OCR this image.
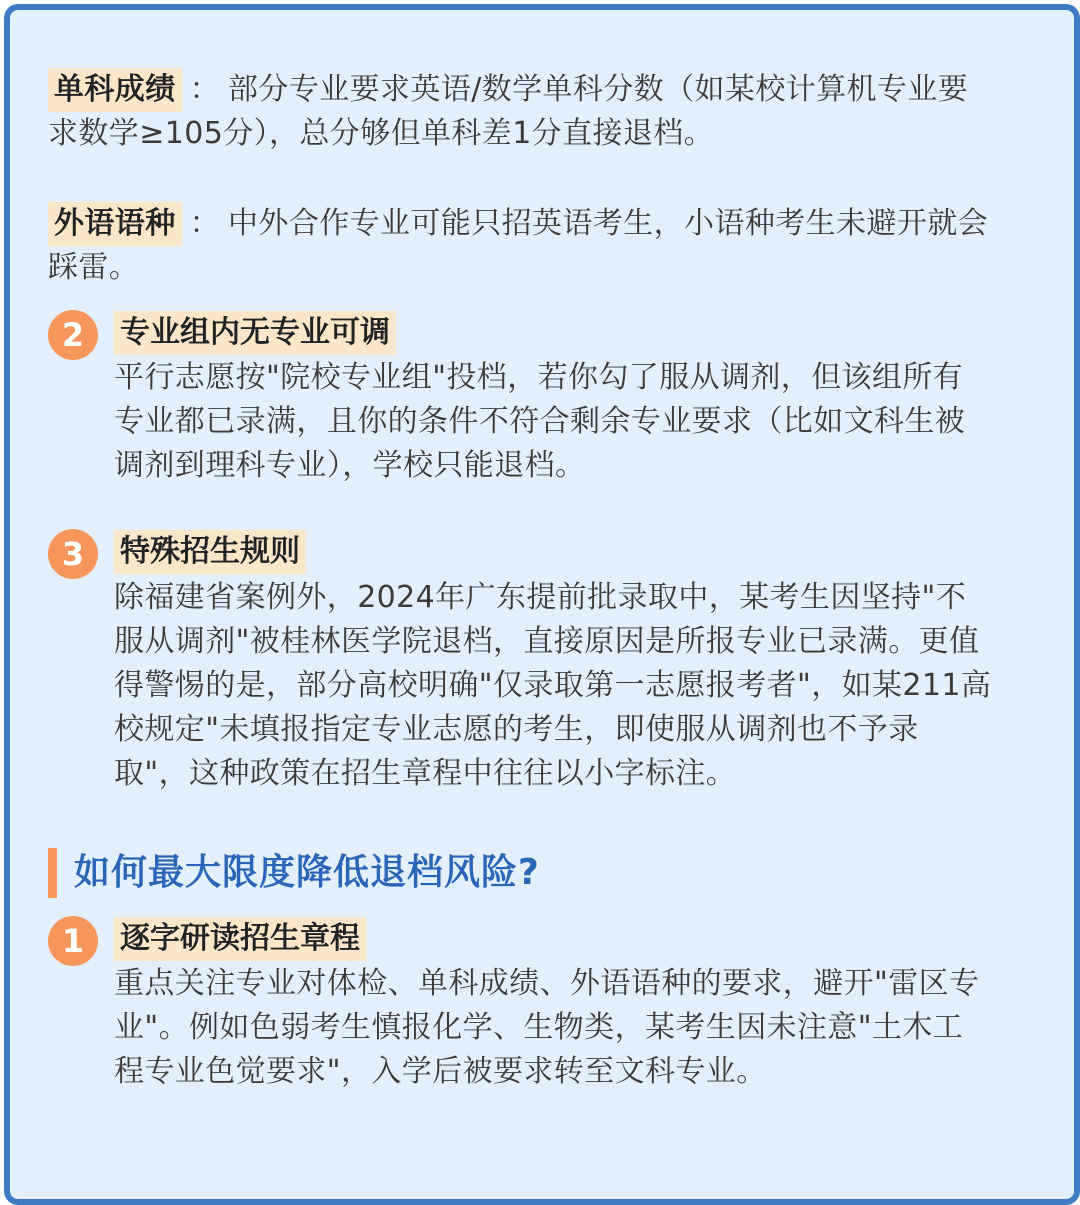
单科成绩 ： 部分专业要求英语/数学单科分数（如某校计算机专业要
求数学≥105分），总分够但单科差1分直接退档。
外语语种 ： 中外合作专业可能只招英语考生，小语种考生未避开就会
踩雷。
2	专业组内无专业可调
平行志愿按"院校专业组"投档，若你勾了服从调剂，但该组所有
专业都已录满，且你的条件不符合剩余专业要求（比如文科生被
调剂到理科专业），学校只能退档。
3	特殊招生规则
除福建省案例外，2024年广东提前批录取中，某考生因坚持"不
服从调剂"被桂林医学院退档，直接原因是所报专业已录满。更值
得警惕的是，部分高校明确"仅录取第一志愿报考者"，如某211高
校规定"未填报指定专业志愿的考生，即使服从调剂也不予录
取"，这种政策在招生章程中往往以小字标注。
如何最大限度降低退档风险?
1	逐字研读招生章程
重点关注专业对体检、单科成绩、外语语种的要求，避开"雷区专
业"。例如色弱考生慎报化学、生物类，某考生因未注意"土木工
程专业色觉要求"，入学后被要求转至文科专业。
